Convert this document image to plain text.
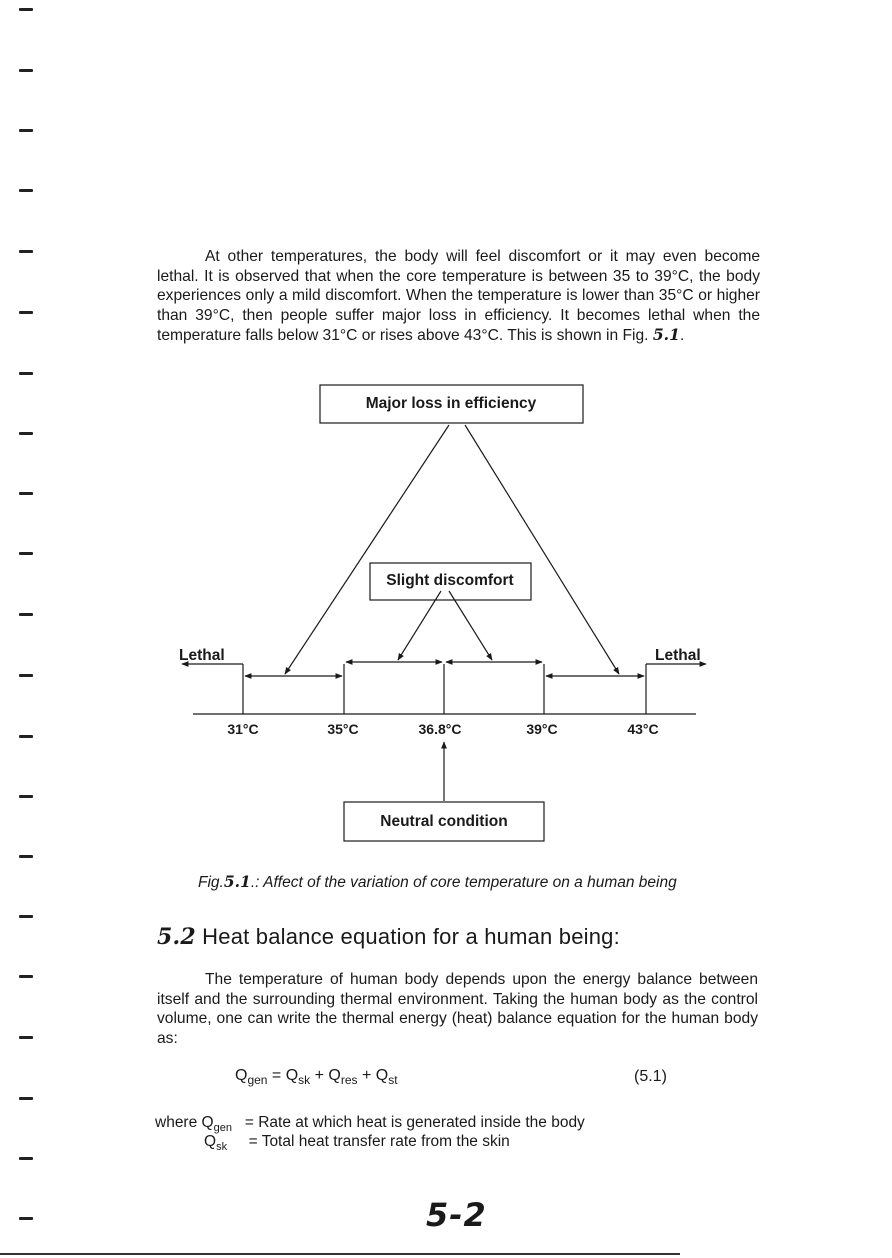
At other temperatures, the body will feel discomfort or it may even become lethal. It is observed that when the core temperature is between 35 to 39°C, the body experiences only a mild discomfort. When the temperature is lower than 35°C or higher than 39°C, then people suffer major loss in efficiency. It becomes lethal when the temperature falls below 31°C or rises above 43°C. This is shown in Fig. 5.1.

Major loss in efficiency
Slight discomfort
Neutral condition
Lethal	Lethal
31°C	35°C	36.8°C	39°C	43°C
Fig.5.1.: Affect of the variation of core temperature on a human being
5.2 Heat balance equation for a human being:

The temperature of human body depends upon the energy balance between itself and the surrounding thermal environment. Taking the human body as the control volume, one can write the thermal energy (heat) balance equation for the human body as:

$Q_{gen} = Q_{sk} + Q_{res} + Q_{st}$	(5.1)
where $Q_{gen}$ = Rate at which heat is generated inside the body
$Q_{sk}$ = Total heat transfer rate from the skin
5-2
